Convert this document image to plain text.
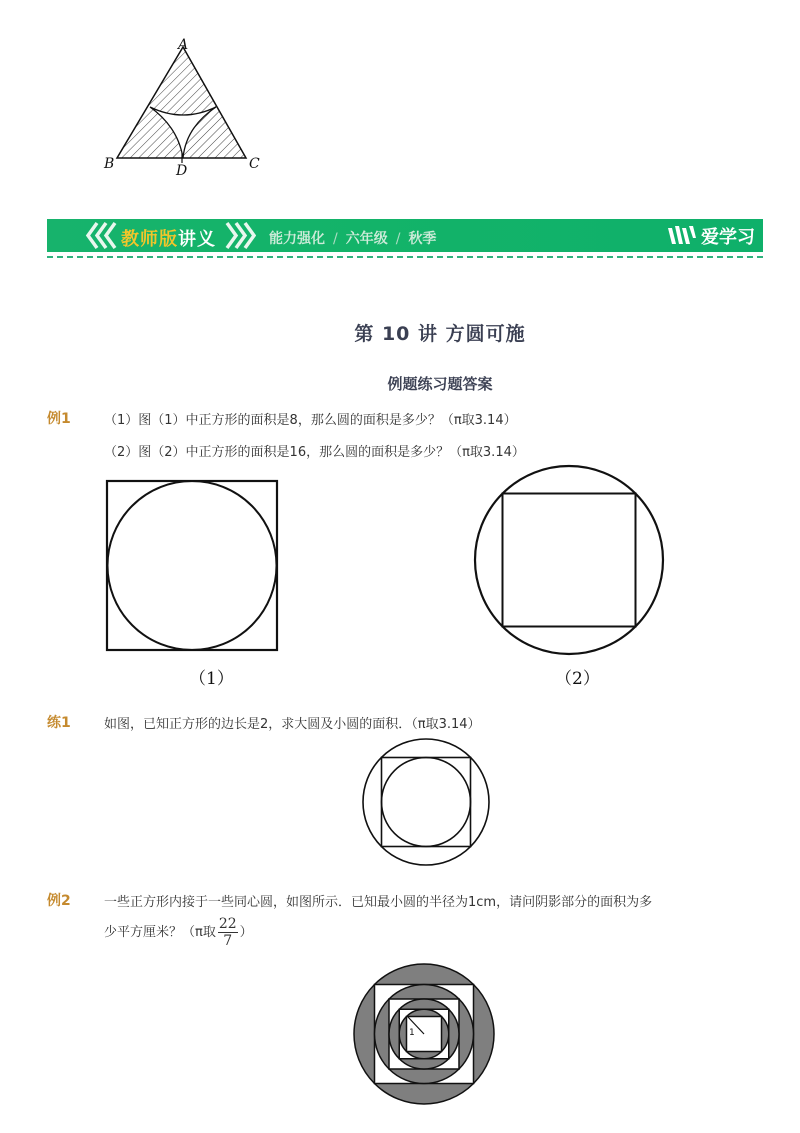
A
B	C
D
教师版讲义	能力强化 / 六年级 / 秋季	爱学习
第 10 讲 方圆可施
例题练习题答案
例1	（1）图（1）中正方形的面积是8，那么圆的面积是多少？（π取3.14）
（2）图（2）中正方形的面积是16，那么圆的面积是多少？（π取3.14）
（1）	（2）
练1	如图，已知正方形的边长是2，求大圆及小圆的面积．（π取3.14）
例2	一些正方形内接于一些同心圆，如图所示．已知最小圆的半径为1cm，请问阴影部分的面积为多
少平方厘米？（π取 $\frac{22}{7}$ ）
1
